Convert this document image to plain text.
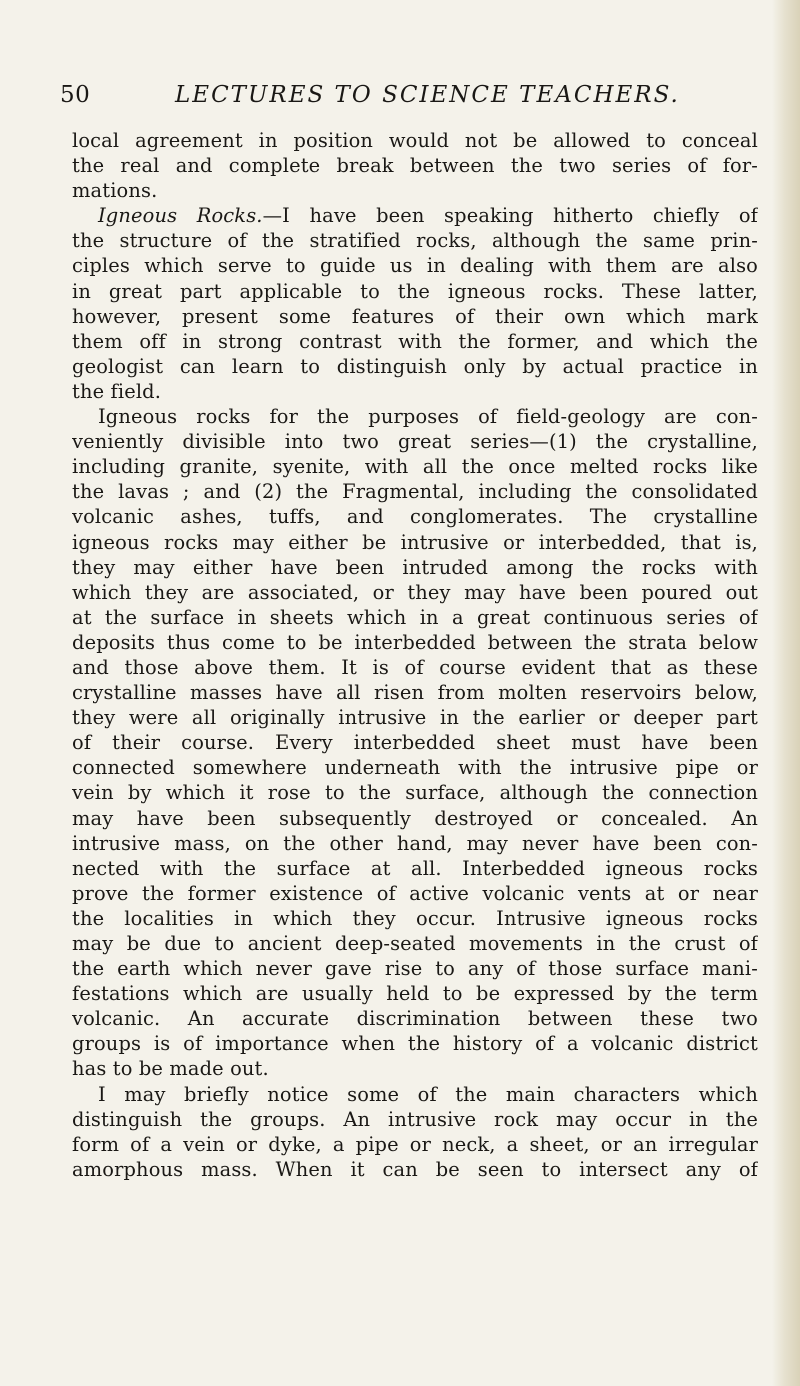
50	LECTURES TO SCIENCE TEACHERS.
local agreement in position would not be allowed to conceal
the real and complete break between the two series of for-
mations.
Igneous Rocks.—I have been speaking hitherto chiefly of
the structure of the stratified rocks, although the same prin-
ciples which serve to guide us in dealing with them are also
in great part applicable to the igneous rocks. These latter,
however, present some features of their own which mark
them off in strong contrast with the former, and which the
geologist can learn to distinguish only by actual practice in
the field.
Igneous rocks for the purposes of field-geology are con-
veniently divisible into two great series—(1) the crystalline,
including granite, syenite, with all the once melted rocks like
the lavas ; and (2) the Fragmental, including the consolidated
volcanic ashes, tuffs, and conglomerates. The crystalline
igneous rocks may either be intrusive or interbedded, that is,
they may either have been intruded among the rocks with
which they are associated, or they may have been poured out
at the surface in sheets which in a great continuous series of
deposits thus come to be interbedded between the strata below
and those above them. It is of course evident that as these
crystalline masses have all risen from molten reservoirs below,
they were all originally intrusive in the earlier or deeper part
of their course. Every interbedded sheet must have been
connected somewhere underneath with the intrusive pipe or
vein by which it rose to the surface, although the connection
may have been subsequently destroyed or concealed. An
intrusive mass, on the other hand, may never have been con-
nected with the surface at all. Interbedded igneous rocks
prove the former existence of active volcanic vents at or near
the localities in which they occur. Intrusive igneous rocks
may be due to ancient deep-seated movements in the crust of
the earth which never gave rise to any of those surface mani-
festations which are usually held to be expressed by the term
volcanic. An accurate discrimination between these two
groups is of importance when the history of a volcanic district
has to be made out.
I may briefly notice some of the main characters which
distinguish the groups. An intrusive rock may occur in the
form of a vein or dyke, a pipe or neck, a sheet, or an irregular
amorphous mass. When it can be seen to intersect any of
